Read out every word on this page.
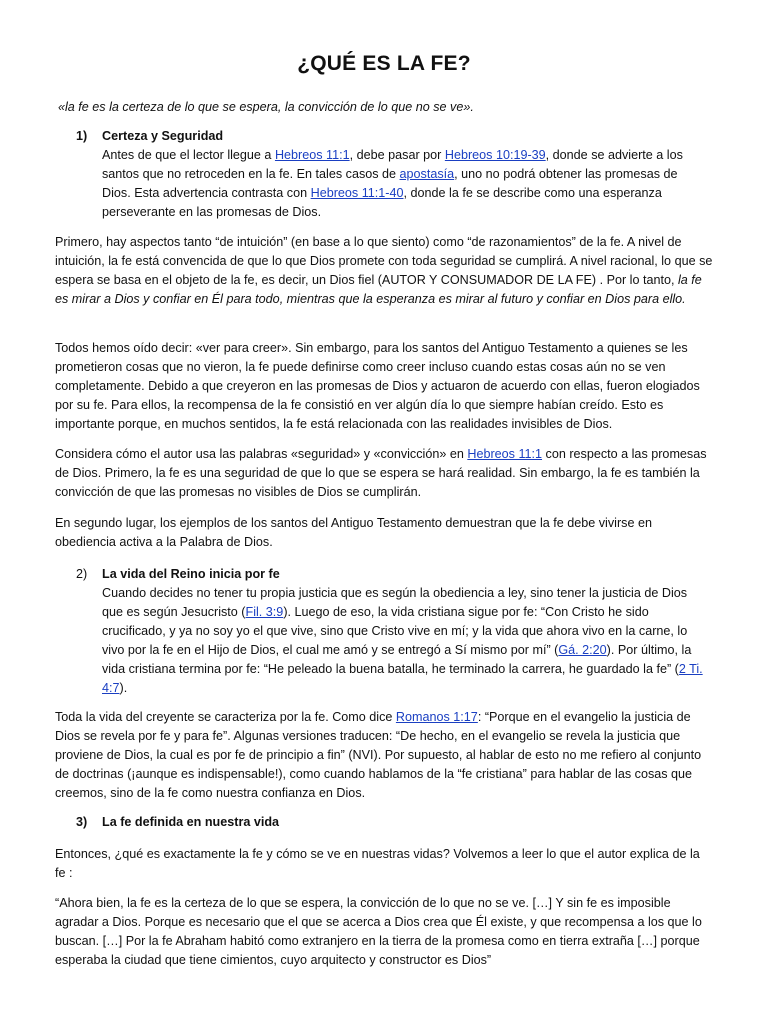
¿QUÉ ES LA FE?

«la fe es la certeza de lo que se espera, la convicción de lo que no se ve».

1) Certeza y Seguridad
Antes de que el lector llegue a Hebreos 11:1, debe pasar por Hebreos 10:19-39, donde se advierte a los santos que no retroceden en la fe. En tales casos de apostasía, uno no podrá obtener las promesas de Dios. Esta advertencia contrasta con Hebreos 11:1-40, donde la fe se describe como una esperanza perseverante en las promesas de Dios.

Primero, hay aspectos tanto “de intuición” (en base a lo que siento) como “de razonamientos” de la fe. A nivel de intuición, la fe está convencida de que lo que Dios promete con toda seguridad se cumplirá. A nivel racional, lo que se espera se basa en el objeto de la fe, es decir, un Dios fiel (AUTOR Y CONSUMADOR DE LA FE) . Por lo tanto, la fe es mirar a Dios y confiar en Él para todo, mientras que la esperanza es mirar al futuro y confiar en Dios para ello.

Todos hemos oído decir: «ver para creer». Sin embargo, para los santos del Antiguo Testamento a quienes se les prometieron cosas que no vieron, la fe puede definirse como creer incluso cuando estas cosas aún no se ven completamente. Debido a que creyeron en las promesas de Dios y actuaron de acuerdo con ellas, fueron elogiados por su fe. Para ellos, la recompensa de la fe consistió en ver algún día lo que siempre habían creído. Esto es importante porque, en muchos sentidos, la fe está relacionada con las realidades invisibles de Dios.

Considera cómo el autor usa las palabras «seguridad» y «convicción» en Hebreos 11:1 con respecto a las promesas de Dios. Primero, la fe es una seguridad de que lo que se espera se hará realidad. Sin embargo, la fe es también la convicción de que las promesas no visibles de Dios se cumplirán.

En segundo lugar, los ejemplos de los santos del Antiguo Testamento demuestran que la fe debe vivirse en obediencia activa a la Palabra de Dios.

2) La vida del Reino inicia por fe
Cuando decides no tener tu propia justicia que es según la obediencia a ley, sino tener la justicia de Dios que es según Jesucristo (Fil. 3:9). Luego de eso, la vida cristiana sigue por fe: “Con Cristo he sido crucificado, y ya no soy yo el que vive, sino que Cristo vive en mí; y la vida que ahora vivo en la carne, lo vivo por la fe en el Hijo de Dios, el cual me amó y se entregó a Sí mismo por mí” (Gá. 2:20). Por último, la vida cristiana termina por fe: “He peleado la buena batalla, he terminado la carrera, he guardado la fe” (2 Ti. 4:7).

Toda la vida del creyente se caracteriza por la fe. Como dice Romanos 1:17: “Porque en el evangelio la justicia de Dios se revela por fe y para fe”. Algunas versiones traducen: “De hecho, en el evangelio se revela la justicia que proviene de Dios, la cual es por fe de principio a fin” (NVI). Por supuesto, al hablar de esto no me refiero al conjunto de doctrinas (¡aunque es indispensable!), como cuando hablamos de la “fe cristiana” para hablar de las cosas que creemos, sino de la fe como nuestra confianza en Dios.

3) La fe definida en nuestra vida

Entonces, ¿qué es exactamente la fe y cómo se ve en nuestras vidas? Volvemos a leer lo que el autor explica de la fe :

“Ahora bien, la fe es la certeza de lo que se espera, la convicción de lo que no se ve. […] Y sin fe es imposible agradar a Dios. Porque es necesario que el que se acerca a Dios crea que Él existe, y que recompensa a los que lo buscan. […] Por la fe Abraham habitó como extranjero en la tierra de la promesa como en tierra extraña […] porque esperaba la ciudad que tiene cimientos, cuyo arquitecto y constructor es Dios”
